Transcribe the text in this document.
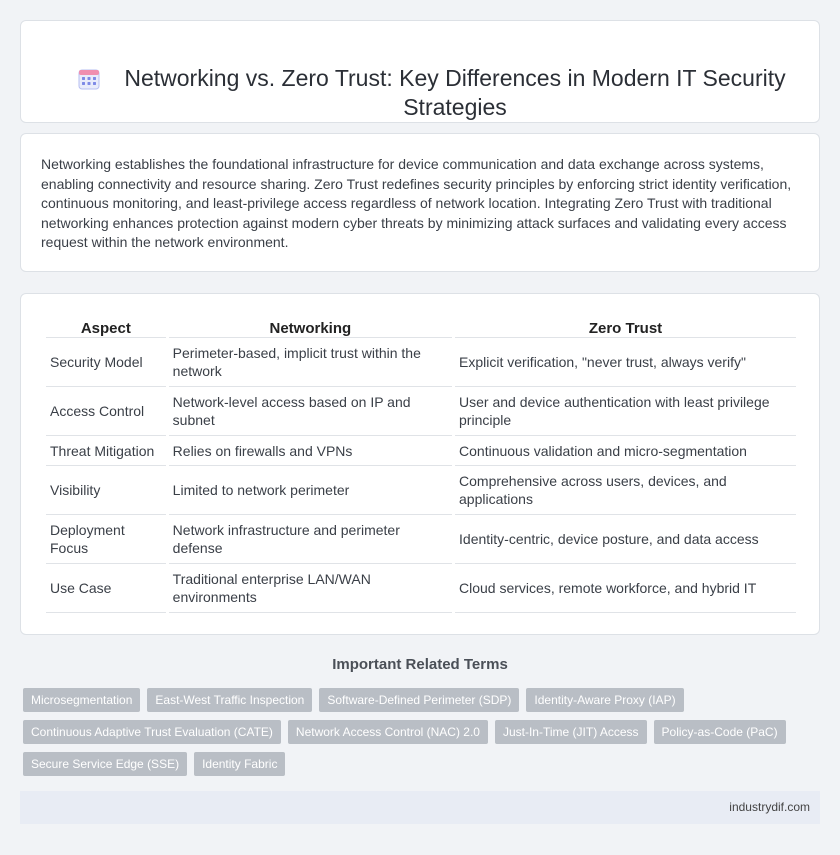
Networking vs. Zero Trust: Key Differences in Modern IT Security Strategies

Networking establishes the foundational infrastructure for device communication and data exchange across systems, enabling connectivity and resource sharing. Zero Trust redefines security principles by enforcing strict identity verification, continuous monitoring, and least-privilege access regardless of network location. Integrating Zero Trust with traditional networking enhances protection against modern cyber threats by minimizing attack surfaces and validating every access request within the network environment.

Aspect	Networking	Zero Trust
Security Model	Perimeter-based, implicit trust within the network	Explicit verification, "never trust, always verify"
Access Control	Network-level access based on IP and subnet	User and device authentication with least privilege principle
Threat Mitigation	Relies on firewalls and VPNs	Continuous validation and micro-segmentation
Visibility	Limited to network perimeter	Comprehensive across users, devices, and applications
Deployment Focus	Network infrastructure and perimeter defense	Identity-centric, device posture, and data access
Use Case	Traditional enterprise LAN/WAN environments	Cloud services, remote workforce, and hybrid IT
Important Related Terms
Microsegmentation	East-West Traffic Inspection	Software-Defined Perimeter (SDP)	Identity-Aware Proxy (IAP)
Continuous Adaptive Trust Evaluation (CATE)	Network Access Control (NAC) 2.0	Just-In-Time (JIT) Access	Policy-as-Code (PaC)
Secure Service Edge (SSE)	Identity Fabric
industrydif.com
